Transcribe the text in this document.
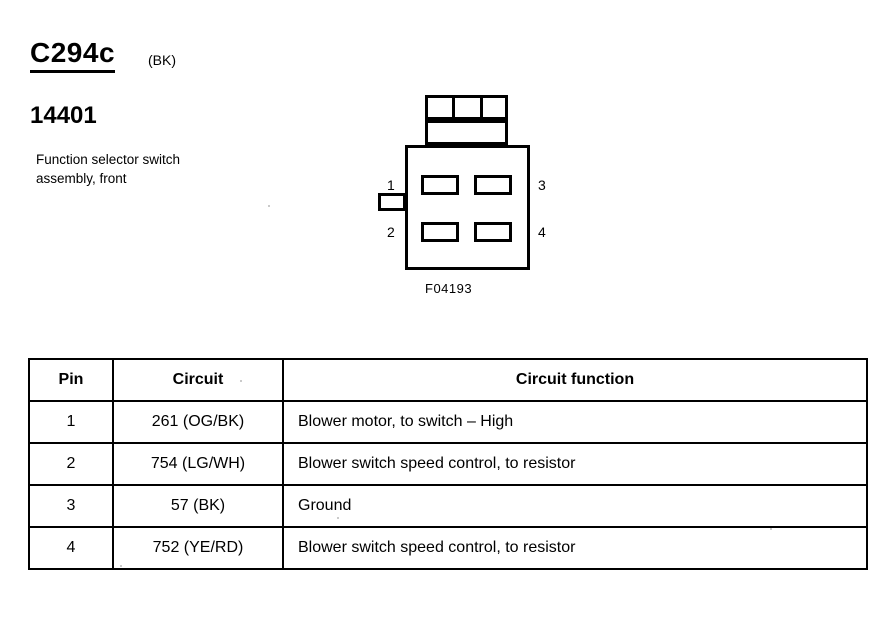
C294c (BK)
14401
Function selector switch assembly, front	1
2
3
4
F04193
Pin	Circuit	Circuit function
1	261 (OG/BK)	Blower motor, to switch – High
2	754 (LG/WH)	Blower switch speed control, to resistor
3	57 (BK)	Ground
4	752 (YE/RD)	Blower switch speed control, to resistor
